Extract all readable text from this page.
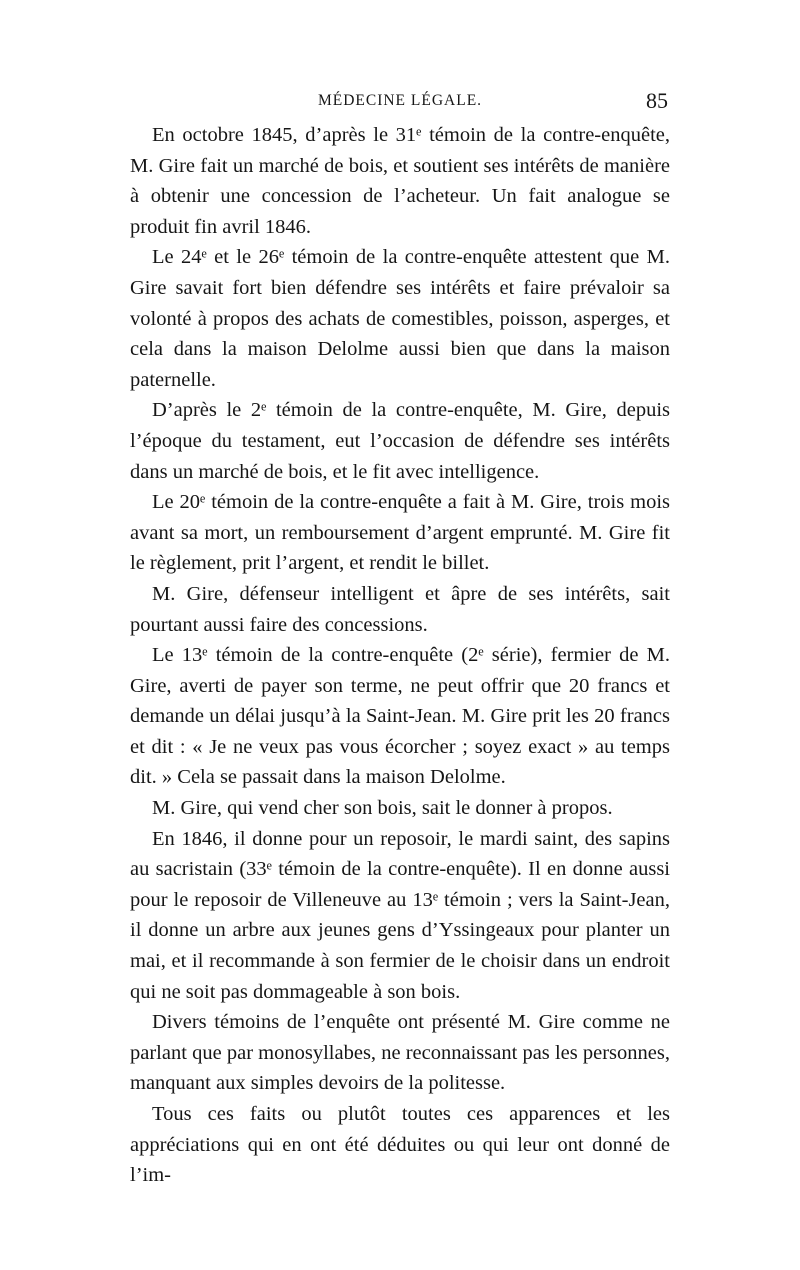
MÉDECINE LÉGALE.	85

En octobre 1845, d’après le 31ᵉ témoin de la contre-enquête, M. Gire fait un marché de bois, et soutient ses intérêts de manière à obtenir une concession de l’acheteur. Un fait analogue se produit fin avril 1846.

Le 24ᵉ et le 26ᵉ témoin de la contre-enquête attestent que M. Gire savait fort bien défendre ses intérêts et faire prévaloir sa volonté à propos des achats de comestibles, poisson, asperges, et cela dans la maison Delolme aussi bien que dans la maison paternelle.

D’après le 2ᵉ témoin de la contre-enquête, M. Gire, depuis l’époque du testament, eut l’occasion de défendre ses intérêts dans un marché de bois, et le fit avec intelligence.

Le 20ᵉ témoin de la contre-enquête a fait à M. Gire, trois mois avant sa mort, un remboursement d’argent emprunté. M. Gire fit le règlement, prit l’argent, et rendit le billet.

M. Gire, défenseur intelligent et âpre de ses intérêts, sait pourtant aussi faire des concessions.

Le 13ᵉ témoin de la contre-enquête (2ᵉ série), fermier de M. Gire, averti de payer son terme, ne peut offrir que 20 francs et demande un délai jusqu’à la Saint-Jean. M. Gire prit les 20 francs et dit : « Je ne veux pas vous écorcher ; soyez exact » au temps dit. » Cela se passait dans la maison Delolme.

M. Gire, qui vend cher son bois, sait le donner à propos.

En 1846, il donne pour un reposoir, le mardi saint, des sapins au sacristain (33ᵉ témoin de la contre-enquête). Il en donne aussi pour le reposoir de Villeneuve au 13ᵉ témoin ; vers la Saint-Jean, il donne un arbre aux jeunes gens d’Yssingeaux pour planter un mai, et il recommande à son fermier de le choisir dans un endroit qui ne soit pas dommageable à son bois.

Divers témoins de l’enquête ont présenté M. Gire comme ne parlant que par monosyllabes, ne reconnaissant pas les personnes, manquant aux simples devoirs de la politesse.

Tous ces faits ou plutôt toutes ces apparences et les appréciations qui en ont été déduites ou qui leur ont donné de l’im-
